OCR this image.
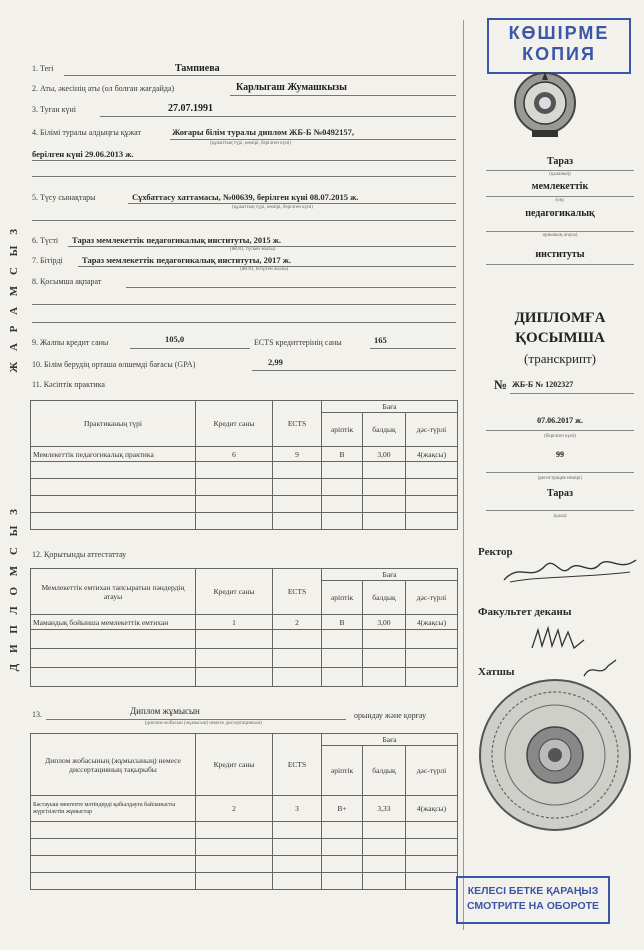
Ж А Р А М С Ы З
Д И П Л О М С Ы З
1. Тегі	Тампиева
2. Аты, әкесінің аты (ол болған жағдайда)	Карлыгаш Жумашкызы
3. Туған күні	27.07.1991
4. Білімі туралы алдыңғы құжат	Жоғары білім туралы диплом ЖБ-Б №0492157,
(құжаттың түрі, нөмірі, берілген күні)
берілген күні 29.06.2013 ж.
5. Түсу сынақтары	Сұхбаттасу хаттамасы, №00639, берілген күні 08.07.2015 ж.
(құжаттың түрі, нөмірі, берілген күні)
6. Түсті Тараз мемлекеттік педагогикалық институты, 2015 ж.
(ЖОО, түскен жылы)
7. Бітірді Тараз мемлекеттік педагогикалық институты, 2017 ж.
(ЖОО, бітірген жылы)
8. Қосымша ақпарат
9. Жалпы кредит саны	105,0	ECTS кредиттерінің саны	165
10. Білім берудің орташа өлшемді бағасы (GPA)	2,99
11. Кәсіптік практика
Практиканың түрі	Кредит саны	ECTS	Баға		
			әріптік	балдық	дәс-түрлі
Мемлекеттік педагогикалық практика	6	9	B	3,00	4(жақсы)

12. Қорытынды аттестаттау
Мемлекеттік емтихан тапсыратын пәндердің атауы	Кредит саны	ECTS	Баға		
			әріптік	балдық	дәс-түрлі
Мамандық бойынша мемлекеттік емтихан	1	2	B	3,00	4(жақсы)

13.	Диплом жұмысын
(диплом жобасын (жұмысын) немесе диссертациясын)
орындау және қорғау
Диплом жобасының (жұмысының) немесе диссертацияның тақырыбы	Кредит саны	ECTS	Баға		
			әріптік	балдық	дәс-түрлі
Бастауыш мектепте мәтіндерді қабылдауға байланысты жүргізілетін жұмыстар	2	3	B+	3,33	4(жақсы)

КӨШІРМЕ
КОПИЯ
Тараз
(қаланың)
мемлекеттік
(оқу
педагогикалық
орнының атауы)
институты
ДИПЛОМҒА
ҚОСЫМША
(транскрипт)
№ ЖБ-Б № 1202327
07.06.2017 ж.
(берілген күні)
99
(регистрация нөмірі)
Тараз
(қала)
Ректор
Факультет деканы
Хатшы
КЕЛЕСІ БЕТКЕ ҚАРАҢЫЗ
СМОТРИТЕ НА ОБОРОТЕ
